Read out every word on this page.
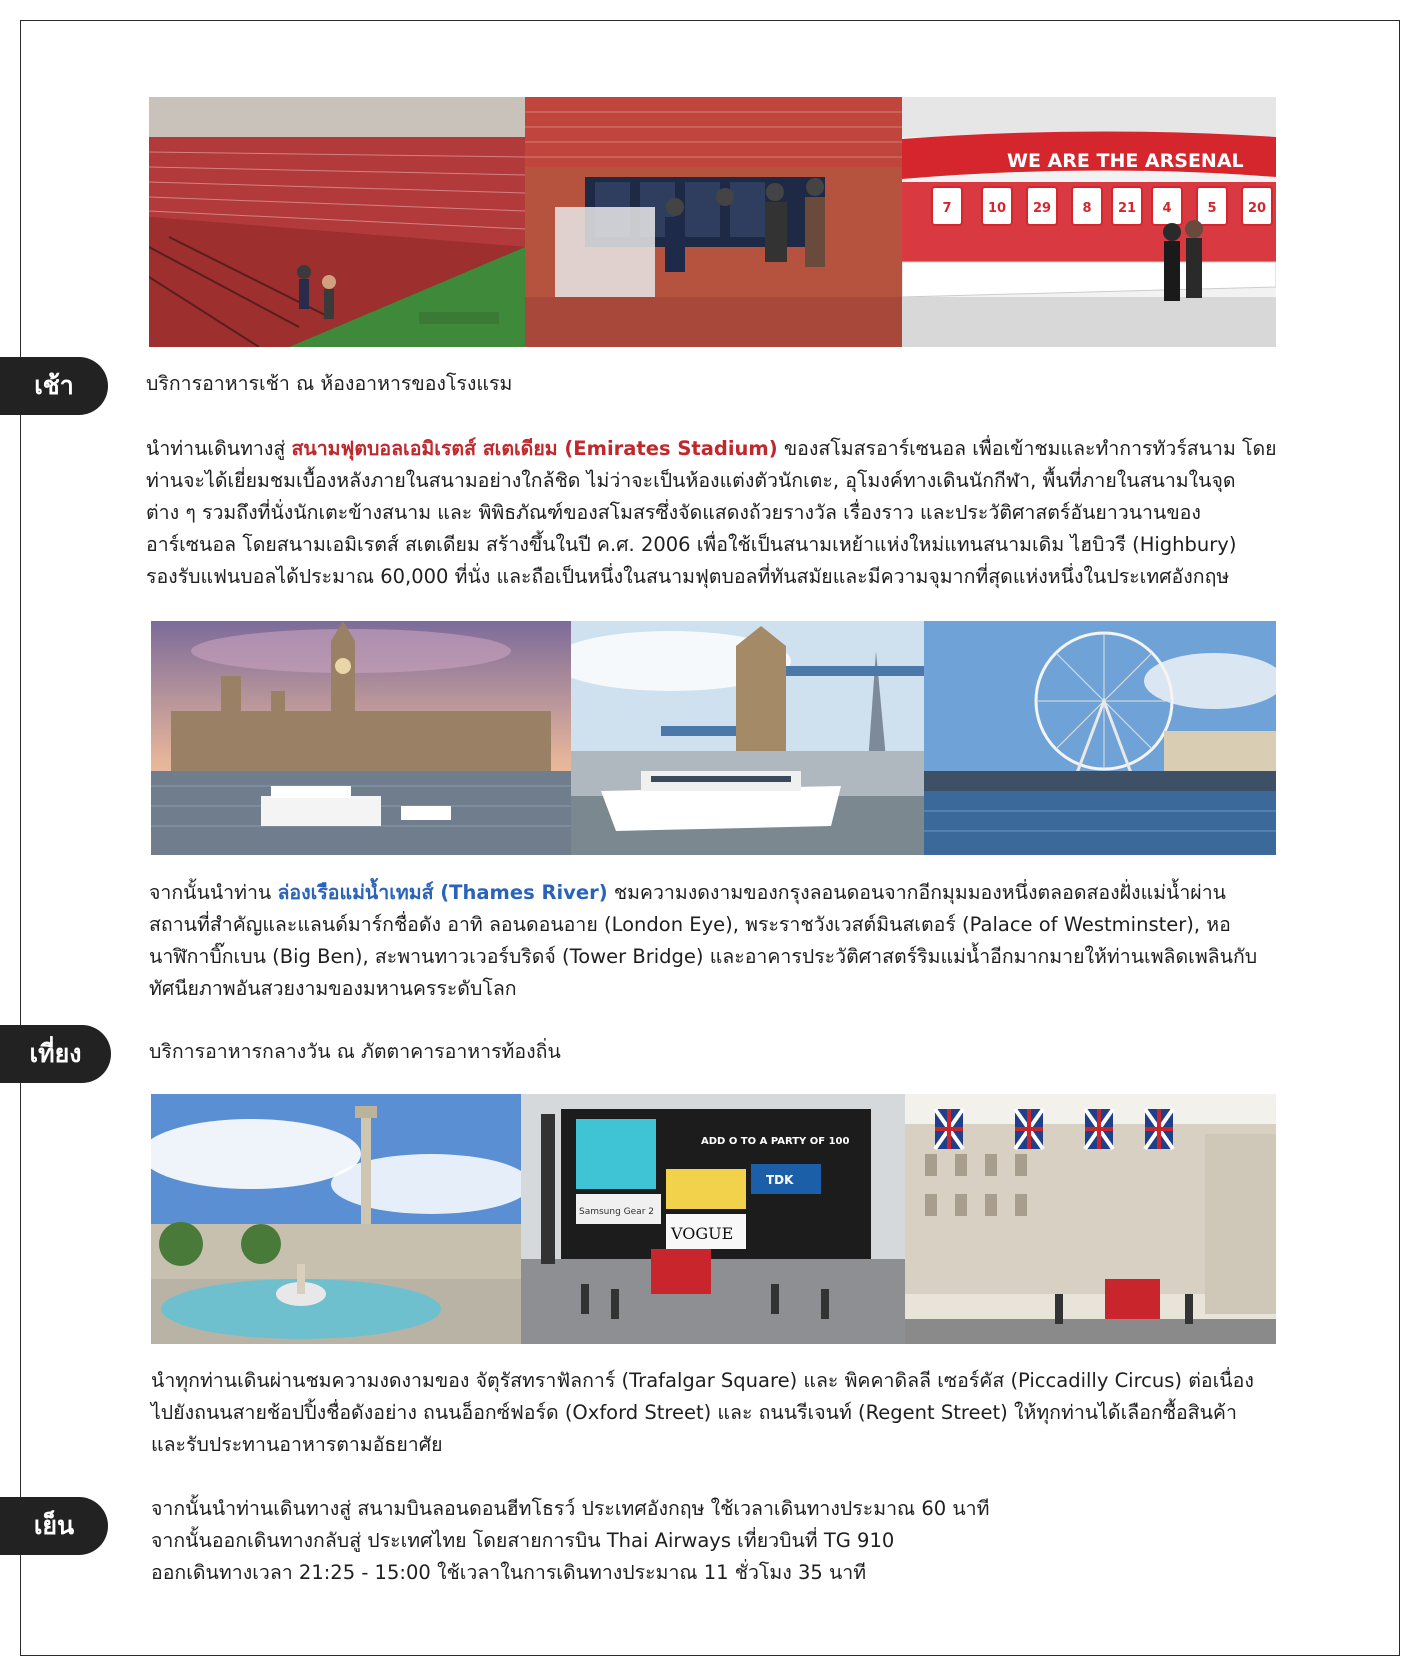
WE ARE THE ARSENAL
7	10 29 8 21 4	5 20
เช้า	บริการอาหารเช้า ณ ห้องอาหารของโรงแรม

นำท่านเดินทางสู่ สนามฟุตบอลเอมิเรตส์ สเตเดียม (Emirates Stadium) ของสโมสรอาร์เซนอล เพื่อเข้าชมและทำการทัวร์สนาม โดย

ท่านจะได้เยี่ยมชมเบื้องหลังภายในสนามอย่างใกล้ชิด ไม่ว่าจะเป็นห้องแต่งตัวนักเตะ, อุโมงค์ทางเดินนักกีฬา, พื้นที่ภายในสนามในจุด

ต่าง ๆ รวมถึงที่นั่งนักเตะข้างสนาม และ พิพิธภัณฑ์ของสโมสรซึ่งจัดแสดงถ้วยรางวัล เรื่องราว และประวัติศาสตร์อันยาวนานของ

อาร์เซนอล โดยสนามเอมิเรตส์ สเตเดียม สร้างขึ้นในปี ค.ศ. 2006 เพื่อใช้เป็นสนามเหย้าแห่งใหม่แทนสนามเดิม ไฮบิวรี (Highbury)

รองรับแฟนบอลได้ประมาณ 60,000 ที่นั่ง และถือเป็นหนึ่งในสนามฟุตบอลที่ทันสมัยและมีความจุมากที่สุดแห่งหนึ่งในประเทศอังกฤษ

จากนั้นนำท่าน ล่องเรือแม่น้ำเทมส์ (Thames River) ชมความงดงามของกรุงลอนดอนจากอีกมุมมองหนึ่งตลอดสองฝั่งแม่น้ำผ่าน

สถานที่สำคัญและแลนด์มาร์กชื่อดัง อาทิ ลอนดอนอาย (London Eye), พระราชวังเวสต์มินสเตอร์ (Palace of Westminster), หอ

นาฬิกาบิ๊กเบน (Big Ben), สะพานทาวเวอร์บริดจ์ (Tower Bridge) และอาคารประวัติศาสตร์ริมแม่น้ำอีกมากมายให้ท่านเพลิดเพลินกับ

ทัศนียภาพอันสวยงามของมหานครระดับโลก

เที่ยง	บริการอาหารกลางวัน ณ ภัตตาคารอาหารท้องถิ่น

ADD O TO A PARTY OF 100
TDK
Samsung Gear 2
VOGUE

นำทุกท่านเดินผ่านชมความงดงามของ จัตุรัสทราฟัลการ์ (Trafalgar Square) และ พิคคาดิลลี เซอร์คัส (Piccadilly Circus) ต่อเนื่อง

ไปยังถนนสายช้อปปิ้งชื่อดังอย่าง ถนนอ็อกซ์ฟอร์ด (Oxford Street) และ ถนนรีเจนท์ (Regent Street) ให้ทุกท่านได้เลือกซื้อสินค้า

และรับประทานอาหารตามอัธยาศัย

เย็น

จากนั้นนำท่านเดินทางสู่ สนามบินลอนดอนฮีทโธรว์ ประเทศอังกฤษ ใช้เวลาเดินทางประมาณ 60 นาที

จากนั้นออกเดินทางกลับสู่ ประเทศไทย โดยสายการบิน Thai Airways เที่ยวบินที่ TG 910

ออกเดินทางเวลา 21:25 - 15:00 ใช้เวลาในการเดินทางประมาณ 11 ชั่วโมง 35 นาที
